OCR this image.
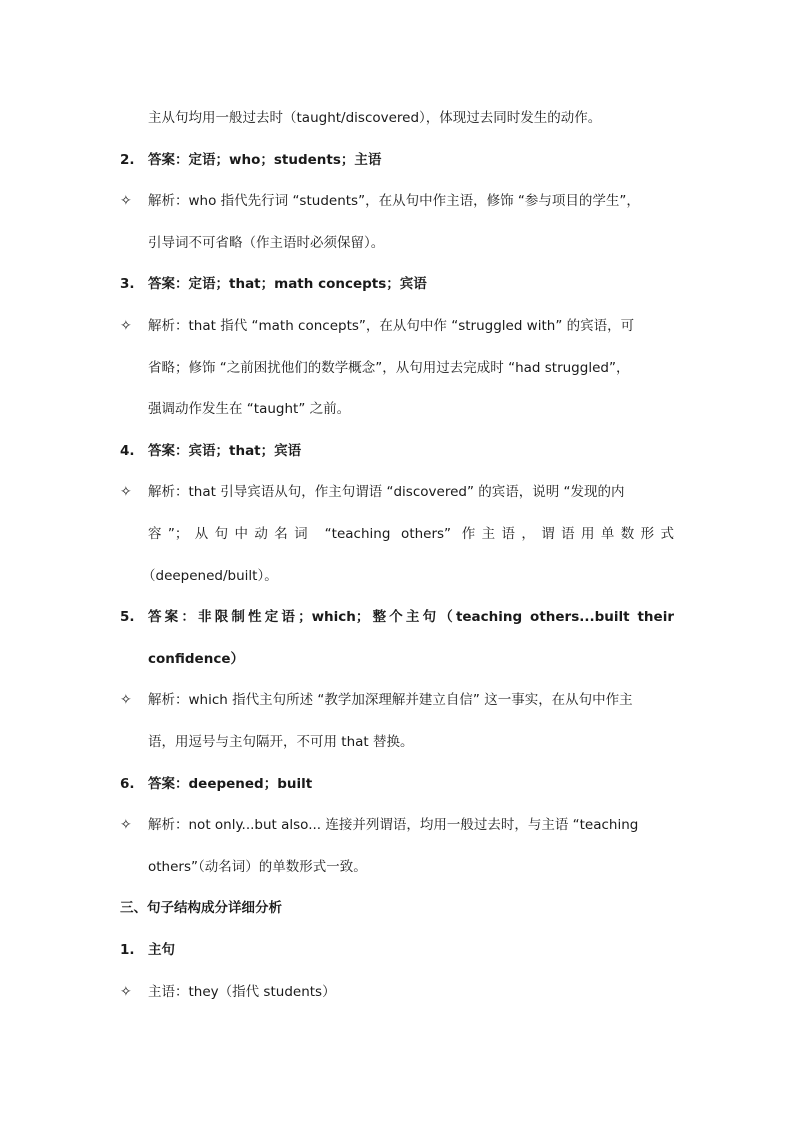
主从句均用一般过去时（taught/discovered），体现过去同时发生的动作。
2. 答案：定语；who；students；主语
✧ 解析：who 指代先行词 “students”，在从句中作主语，修饰 “参与项目的学生”，
引导词不可省略（作主语时必须保留）。
3. 答案：定语；that；math concepts；宾语
✧ 解析：that 指代 “math concepts”，在从句中作 “struggled with” 的宾语，可
省略；修饰 “之前困扰他们的数学概念”，从句用过去完成时 “had struggled”，
强调动作发生在 “taught” 之前。
4. 答案：宾语；that；宾语
✧ 解析：that 引导宾语从句，作主句谓语 “discovered” 的宾语，说明 “发现的内
容”；从句中动名词 “teaching others” 作主语，谓语用单数形式
（deepened/built）。
5. 答案：非限制性定语；which；整个主句（teaching others...built their
confidence）
✧ 解析：which 指代主句所述 “教学加深理解并建立自信” 这一事实，在从句中作主
语，用逗号与主句隔开，不可用 that 替换。
6. 答案：deepened；built
✧ 解析：not only...but also... 连接并列谓语，均用一般过去时，与主语 “teaching
others”（动名词）的单数形式一致。
三、句子结构成分详细分析
1. 主句
✧ 主语：they（指代 students）
